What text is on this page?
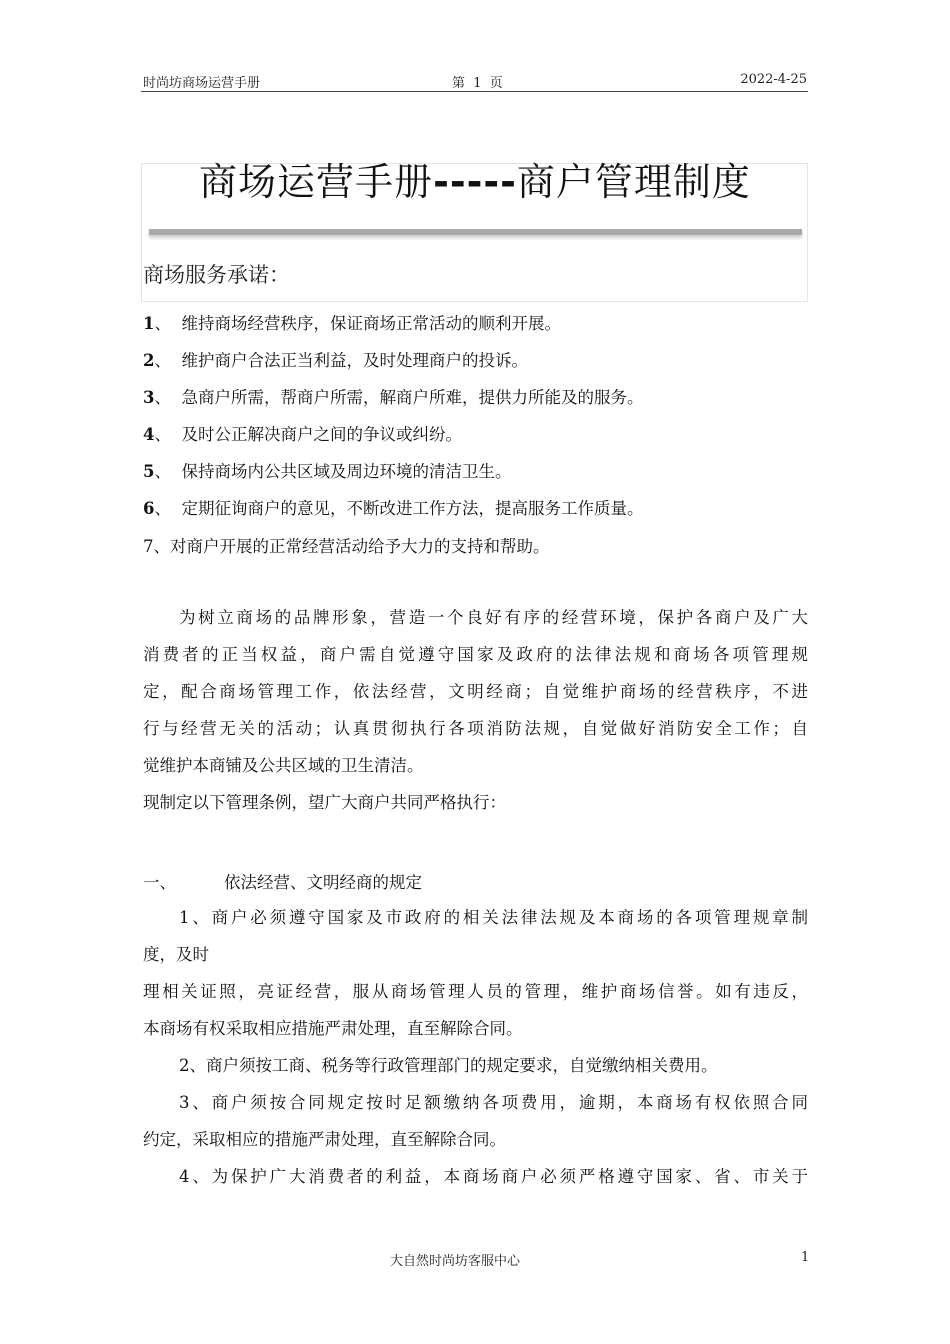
时尚坊商场运营手册	第  1  页	2022-4-25
商场运营手册-----商户管理制度
商场服务承诺：
1、  维持商场经营秩序，保证商场正常活动的顺利开展。
2、  维护商户合法正当利益，及时处理商户的投诉。
3、  急商户所需，帮商户所需，解商户所难，提供力所能及的服务。
4、  及时公正解决商户之间的争议或纠纷。
5、  保持商场内公共区域及周边环境的清洁卫生。
6、  定期征询商户的意见，不断改进工作方法，提高服务工作质量。
7、对商户开展的正常经营活动给予大力的支持和帮助。
为树立商场的品牌形象，营造一个良好有序的经营环境，保护各商户及广大
消费者的正当权益，商户需自觉遵守国家及政府的法律法规和商场各项管理规
定，配合商场管理工作，依法经营，文明经商；自觉维护商场的经营秩序，不进
行与经营无关的活动；认真贯彻执行各项消防法规，自觉做好消防安全工作；自
觉维护本商铺及公共区域的卫生清洁。
现制定以下管理条例，望广大商户共同严格执行：
一、	依法经营、文明经商的规定
1、商户必须遵守国家及市政府的相关法律法规及本商场的各项管理规章制
度，及时
理相关证照，亮证经营，服从商场管理人员的管理，维护商场信誉。如有违反，
本商场有权采取相应措施严肃处理，直至解除合同。
2、商户须按工商、税务等行政管理部门的规定要求，自觉缴纳相关费用。
3、商户须按合同规定按时足额缴纳各项费用，逾期，本商场有权依照合同
约定，采取相应的措施严肃处理，直至解除合同。
4、为保护广大消费者的利益，本商场商户必须严格遵守国家、省、市关于
大自然时尚坊客服中心	1
